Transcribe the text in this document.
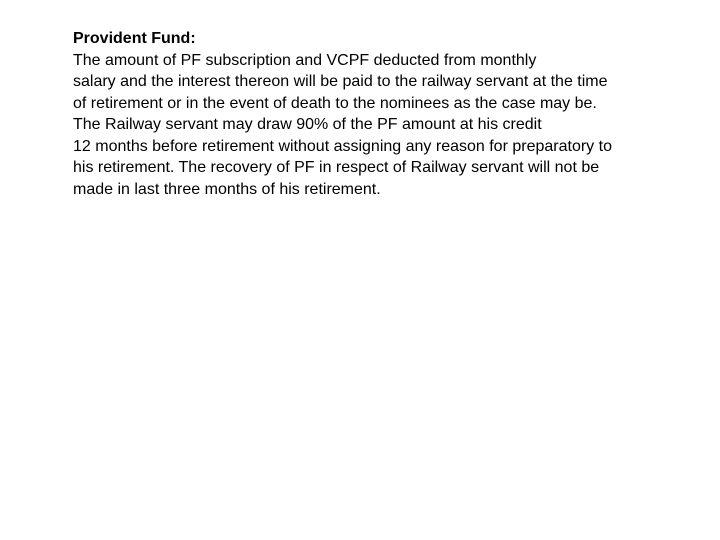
Provident Fund:
The amount of PF subscription and VCPF deducted from monthly
salary and the interest thereon will be paid to the railway servant at the time
of retirement or in the event of death to the nominees as the case may be.
The Railway servant may draw 90% of the PF amount at his credit
12 months before retirement without assigning any reason for preparatory to
his retirement. The recovery of PF in respect of Railway servant will not be
made in last three months of his retirement.
